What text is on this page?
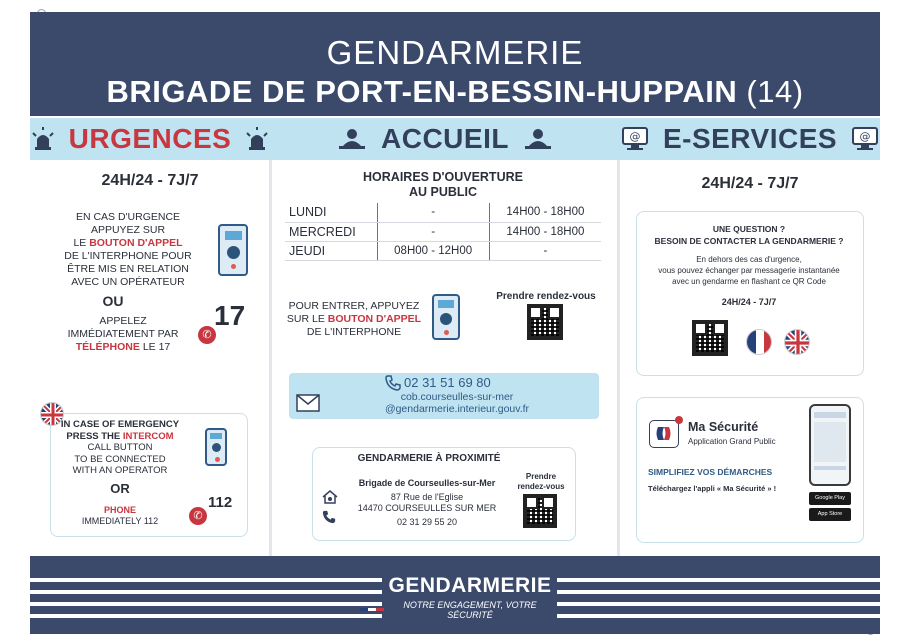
GENDARMERIE
BRIGADE DE PORT-EN-BESSIN-HUPPAIN (14)
URGENCES	ACCUEIL	@ E-SERVICES @
24H/24 - 7J/7
EN CAS D'URGENCE
APPUYEZ SUR
LE BOUTON D'APPEL
DE L'INTERPHONE POUR
ÊTRE MIS EN RELATION
AVEC UN OPÉRATEUR
OU
APPELEZ
IMMÉDIATEMENT PAR
TÉLÉPHONE LE 17
✆
17
IN CASE OF EMERGENCY
PRESS THE INTERCOM
CALL BUTTON
TO BE CONNECTED
WITH AN OPERATOR
OR
PHONE
IMMEDIATELY 112	✆
112
HORAIRES D'OUVERTURE
AU PUBLIC
LUNDI	-	14H00 - 18H00
MERCREDI	-	14H00 - 18H00
JEUDI	08H00 - 12H00	-
POUR ENTRER, APPUYEZ
SUR LE BOUTON D'APPEL
DE L'INTERPHONE
Prendre rendez-vous
02 31 51 69 80
cob.courseulles-sur-mer
@gendarmerie.interieur.gouv.fr
GENDARMERIE À PROXIMITÉ
Brigade de Courseulles-sur-Mer
87 Rue de l'Eglise
14470 COURSEULLES SUR MER
02 31 29 55 20
Prendre
rendez-vous
24H/24 - 7J/7
UNE QUESTION ?
BESOIN DE CONTACTER LA GENDARMERIE ?
En dehors des cas d'urgence,
vous pouvez échanger par messagerie instantanée
avec un gendarme en flashant ce QR Code
24H/24 - 7J/7
Ma Sécurité
Application Grand Public
SIMPLIFIEZ VOS DÉMARCHES
Téléchargez l'appli « Ma Sécurité » !
Google Play
App Store
GENDARMERIE
NOTRE ENGAGEMENT, VOTRE SÉCURITÉ
